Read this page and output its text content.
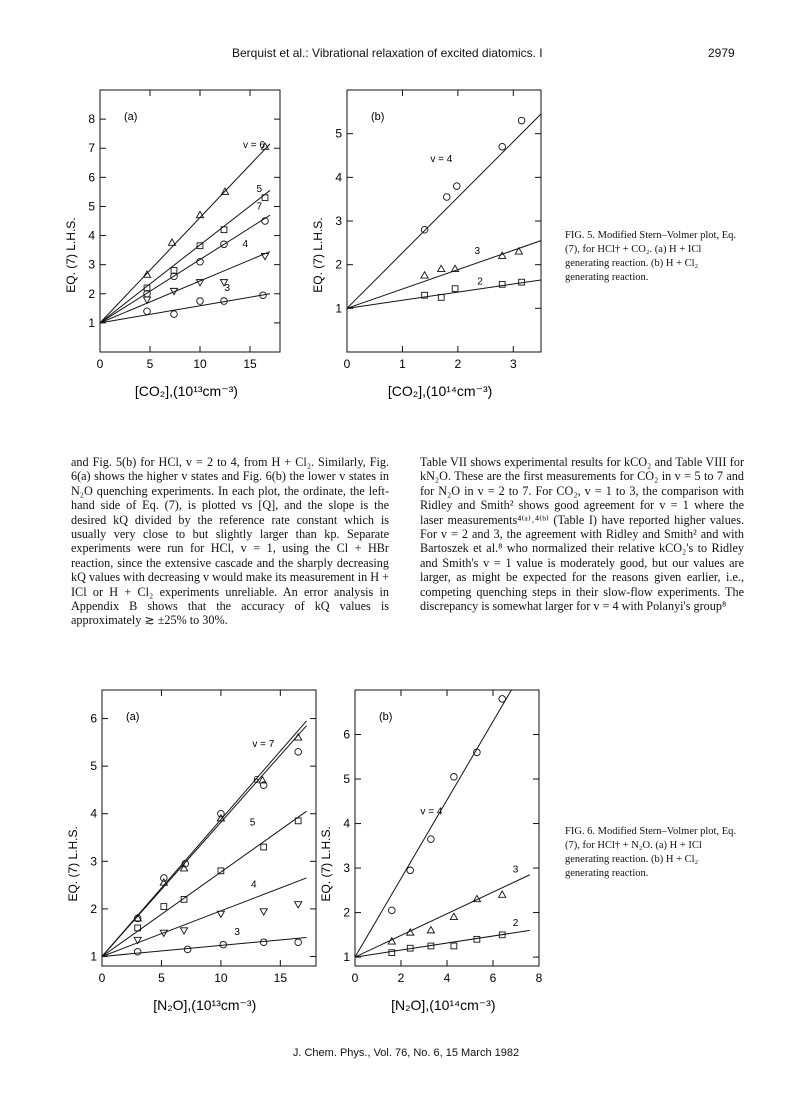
Berquist et al.: Vibrational relaxation of excited diatomics. I	2979
0	5	10	15
1
2
3
4
5
6
7
8	(a)
EQ. (7) L.H.S.
[CO₂],(10¹³cm⁻³)
v = 6
5
7
4
3
0	1	2	3
1
2
3
4
5
(b)
EQ. (7) L.H.S.
[CO₂],(10¹⁴cm⁻³)
v = 4
3
2
FIG. 5. Modified Stern–Volmer plot, Eq. (7), for HCl† + CO₂. (a) H + ICl generating reaction. (b) H + Cl₂ generating reaction.

and Fig. 5(b) for HCl, v = 2 to 4, from H + Cl₂. Similarly, Fig. 6(a) shows the higher v states and Fig. 6(b) the lower v states in N₂O quenching experiments. In each plot, the ordinate, the left-hand side of Eq. (7), is plotted vs [Q], and the slope is the desired kQ divided by the reference rate constant which is usually very close to but slightly larger than kp. Separate experiments were run for HCl, v = 1, using the Cl + HBr reaction, since the extensive cascade and the sharply decreasing kQ values with decreasing v would make its measurement in H + ICl or H + Cl₂ experiments unreliable. An error analysis in Appendix B shows that the accuracy of kQ values is approximately ≳ ±25% to 30%.

Table VII shows experimental results for kCO₂ and Table VIII for kN₂O. These are the first measurements for CO₂ in v = 5 to 7 and for N₂O in v = 2 to 7. For CO₂, v = 1 to 3, the comparison with Ridley and Smith² shows good agreement for v = 1 where the laser measurements⁴⁽ᵃ⁾˒⁴⁽ᵇ⁾ (Table I) have reported higher values. For v = 2 and 3, the agreement with Ridley and Smith² and with Bartoszek et al.⁸ who normalized their relative kCO₂'s to Ridley and Smith's v = 1 value is moderately good, but our values are larger, as might be expected for the reasons given earlier, i.e., competing quenching steps in their slow-flow experiments. The discrepancy is somewhat larger for v = 4 with Polanyi's group⁸

0	5	10	15
1
2
3
4
5
6	(a)
EQ. (7) L.H.S.
[N₂O],(10¹³cm⁻³)
v = 7
6
5
4
3
0	2	4	6	8
1
2
3
4
5
6
(b)
EQ. (7) L.H.S.
[N₂O],(10¹⁴cm⁻³)
v = 4
3
2
FIG. 6. Modified Stern–Volmer plot, Eq. (7), for HCl† + N₂O. (a) H + ICl generating reaction. (b) H + Cl₂ generating reaction.
J. Chem. Phys., Vol. 76, No. 6, 15 March 1982
